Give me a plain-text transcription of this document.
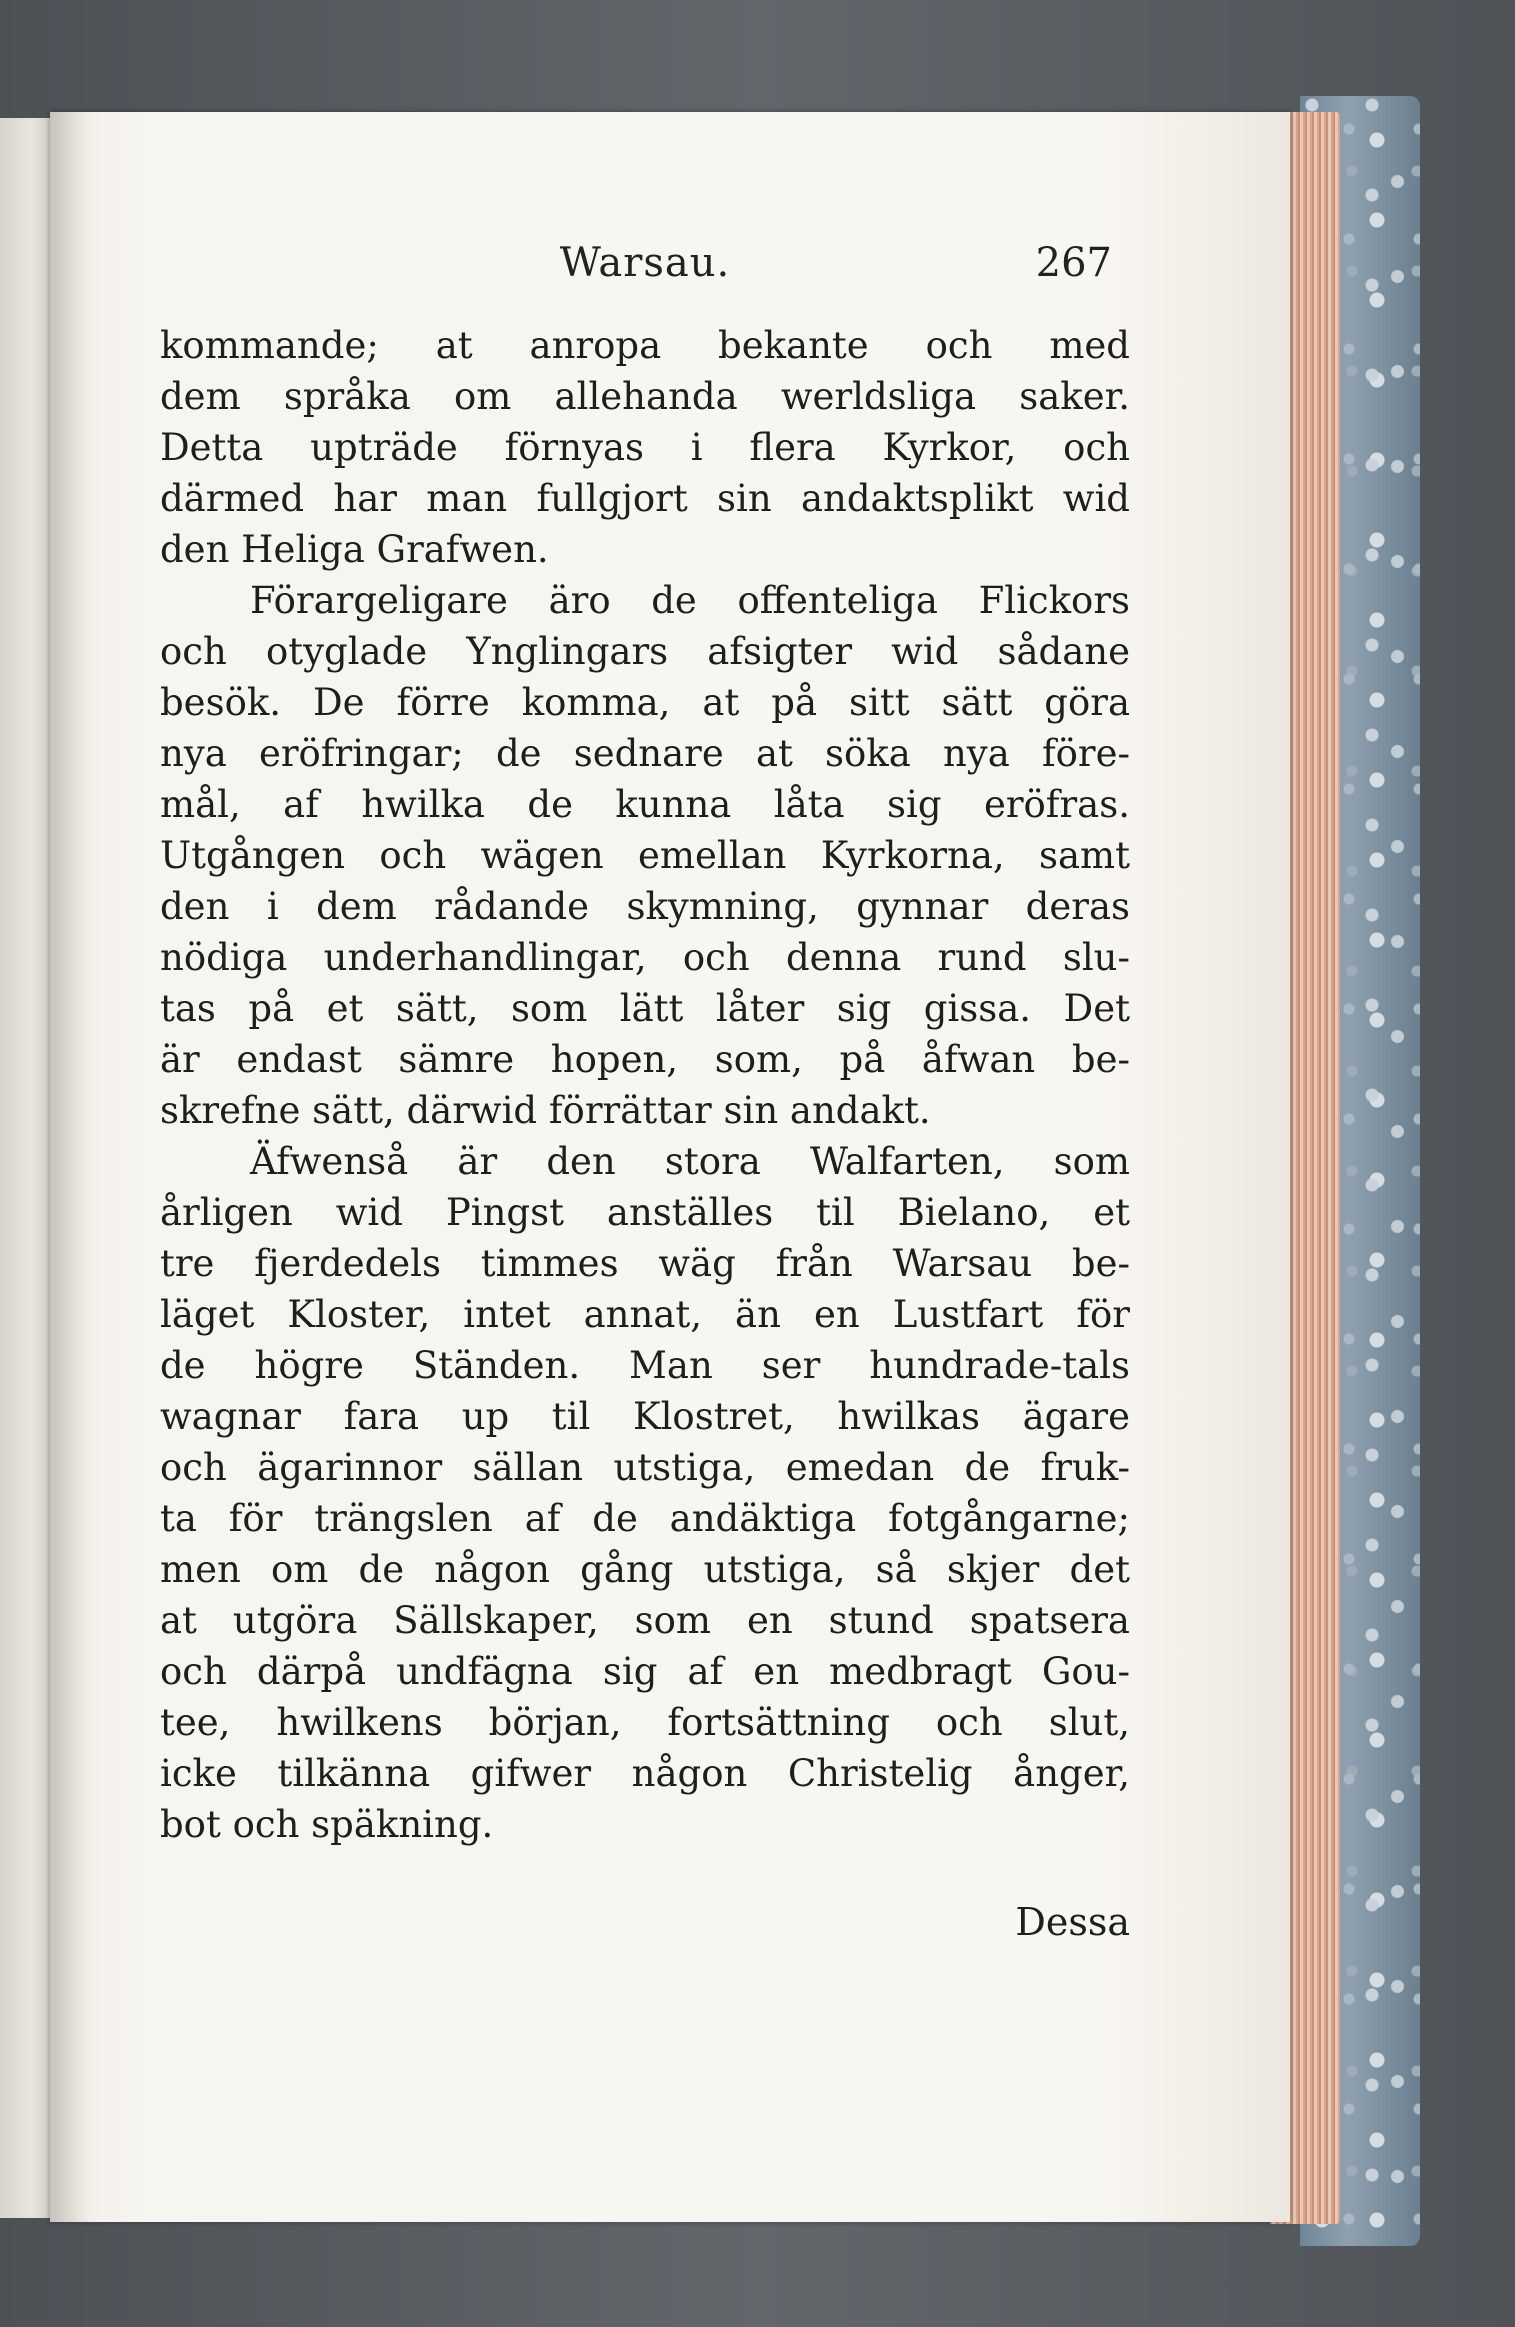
Warsau.	267
kommande; at anropa bekante och med
dem språka om allehanda werldsliga saker.
Detta upträde förnyas i flera Kyrkor, och
därmed har man fullgjort sin andaktsplikt wid
den Heliga Grafwen.
Förargeligare äro de offenteliga Flickors
och otyglade Ynglingars afsigter wid sådane
besök. De förre komma, at på sitt sätt göra
nya eröfringar; de sednare at söka nya före-
mål, af hwilka de kunna låta sig eröfras.
Utgången och wägen emellan Kyrkorna, samt
den i dem rådande skymning, gynnar deras
nödiga underhandlingar, och denna rund slu-
tas på et sätt, som lätt låter sig gissa. Det
är endast sämre hopen, som, på åfwan be-
skrefne sätt, därwid förrättar sin andakt.
Äfwenså är den stora Walfarten, som
årligen wid Pingst anställes til Bielano, et
tre fjerdedels timmes wäg från Warsau be-
läget Kloster, intet annat, än en Lustfart för
de högre Ständen. Man ser hundrade-tals
wagnar fara up til Klostret, hwilkas ägare
och ägarinnor sällan utstiga, emedan de fruk-
ta för trängslen af de andäktiga fotgångarne;
men om de någon gång utstiga, så skjer det
at utgöra Sällskaper, som en stund spatsera
och därpå undfägna sig af en medbragt Gou-
tee, hwilkens början, fortsättning och slut,
icke tilkänna gifwer någon Christelig ånger,
bot och späkning.
Dessa
